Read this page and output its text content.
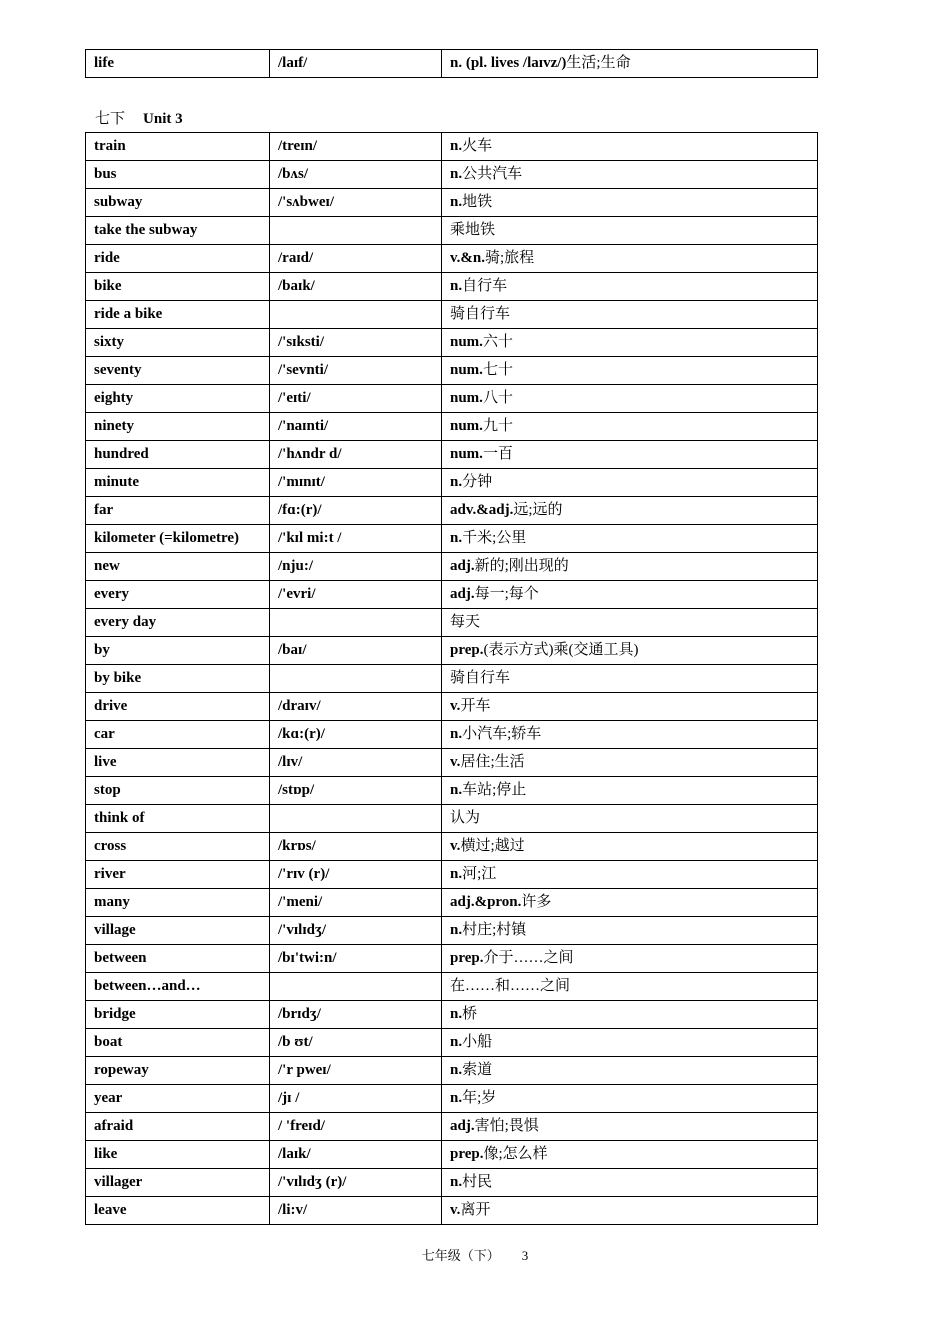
life	/laɪf/	n. (pl. lives /laɪvz/)生活;生命
七下 Unit 3
train	/treɪn/	n.火车
bus	/bʌs/	n.公共汽车
subway	/'sʌbweɪ/	n.地铁
take the subway		乘地铁
ride	/raɪd/	v.&n.骑;旅程
bike	/baɪk/	n.自行车
ride a bike		骑自行车
sixty	/'sɪksti/	num.六十
seventy	/'sevnti/	num.七十
eighty	/'eɪti/	num.八十
ninety	/'naɪnti/	num.九十
hundred	/'hʌndr d/	num.一百
minute	/'mɪnɪt/	n.分钟
far	/fɑ:(r)/	adv.&adj.远;远的
kilometer (=kilometre)	/'kɪl mi:t /	n.千米;公里
new	/nju:/	adj.新的;刚出现的
every	/'evri/	adj.每一;每个
every day		每天
by	/baɪ/	prep.(表示方式)乘(交通工具)
by bike		骑自行车
drive	/draɪv/	v.开车
car	/kɑ:(r)/	n.小汽车;轿车
live	/lɪv/	v.居住;生活
stop	/stɒp/	n.车站;停止
think of		认为
cross	/krɒs/	v.横过;越过
river	/'rɪv (r)/	n.河;江
many	/'meni/	adj.&pron.许多
village	/'vɪlɪdʒ/	n.村庄;村镇
between	/bɪ'twi:n/	prep.介于……之间
between…and…		在……和……之间
bridge	/brɪdʒ/	n.桥
boat	/b ʊt/	n.小船
ropeway	/'r pweɪ/	n.索道
year	/jɪ /	n.年;岁
afraid	/ 'freɪd/	adj.害怕;畏惧
like	/laɪk/	prep.像;怎么样
villager	/'vɪlɪdʒ (r)/	n.村民
leave	/li:v/	v.离开
七年级（下） 3
